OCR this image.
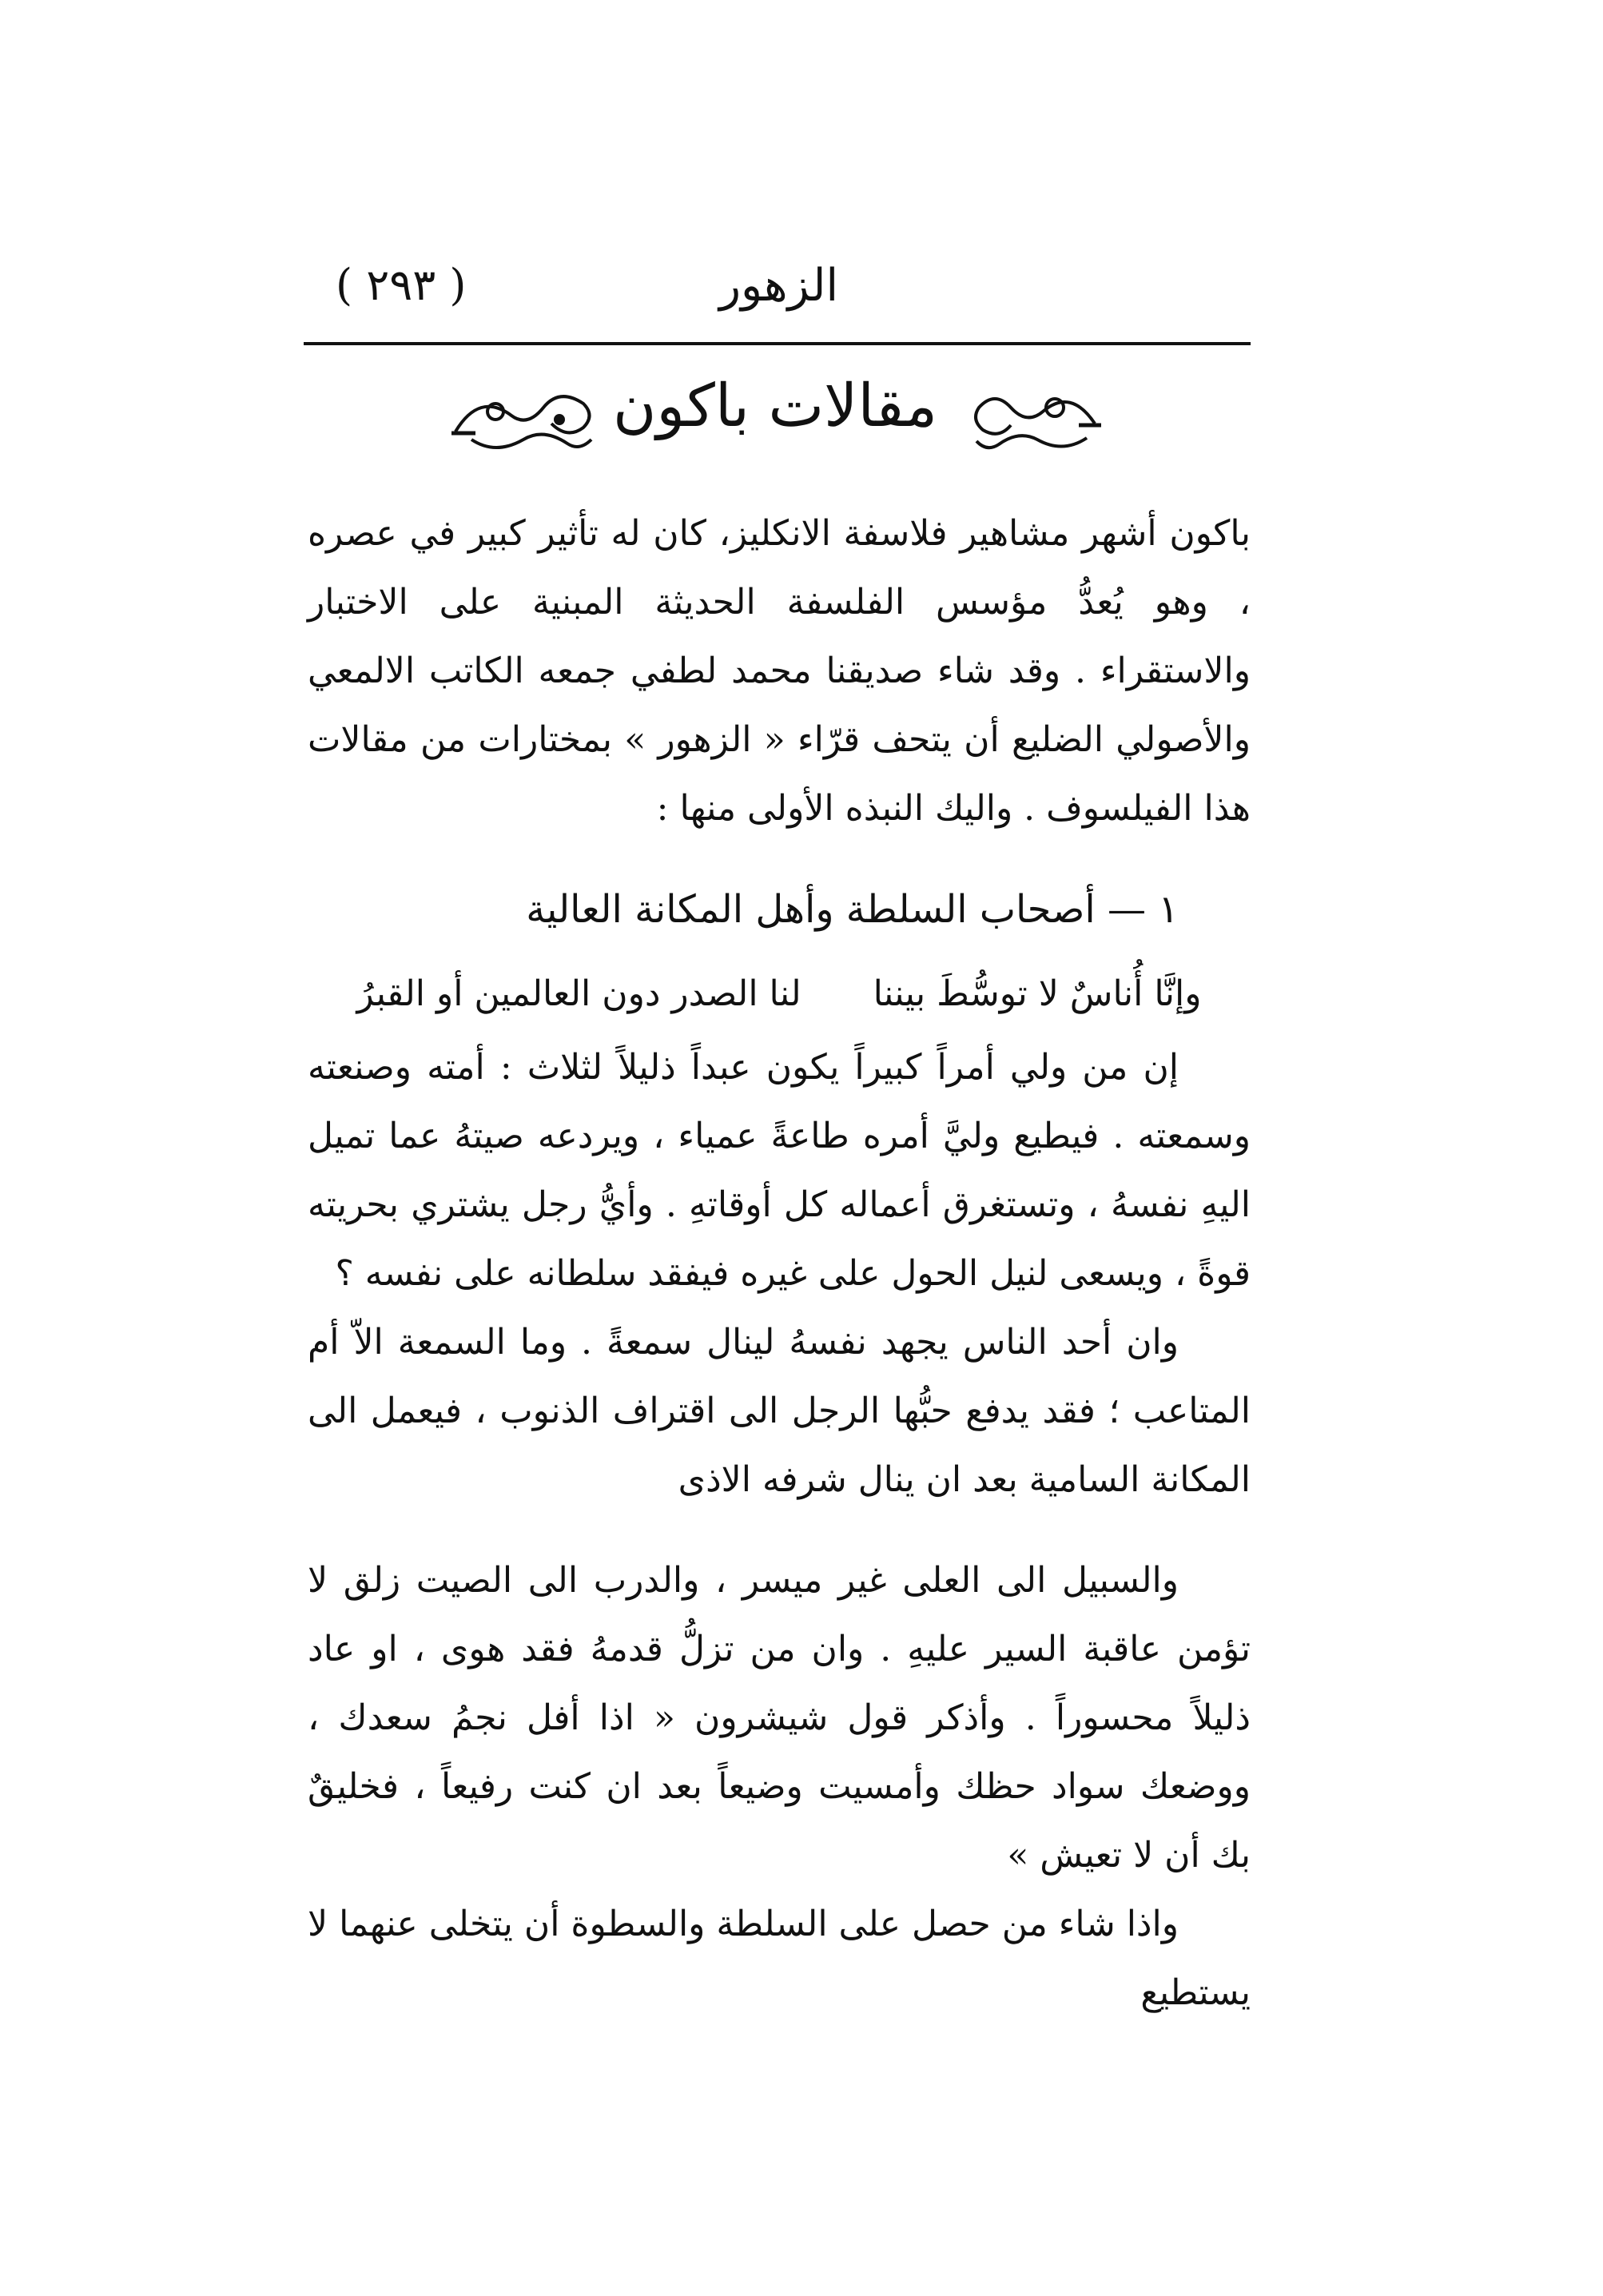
( ٢٩٣ )	الزهور
مقالات باكون

باكون أشهر مشاهير فلاسفة الانكليز، كان له تأثير كبير في عصره ، وهو يُعدُّ مؤسس الفلسفة الحديثة المبنية على الاختبار والاستقراء . وقد شاء صديقنا محمد لطفي جمعه الكاتب الالمعي والأصولي الضليع أن يتحف قرّاء « الزهور » بمختارات من مقالات هذا الفيلسوف . واليك النبذه الأولى منها :

١ — أصحاب السلطة وأهل المكانة العالية
وإنَّا أُناسٌ لا توسُّطَ بيننا
لنا الصدر دون العالمين أو القبرُ

إن من ولي أمراً كبيراً يكون عبداً ذليلاً لثلاث : أمته وصنعته وسمعته . فيطيع وليَّ أمره طاعةً عمياء ، ويردعه صيتهُ عما تميل اليهِ نفسهُ ، وتستغرق أعماله كل أوقاتهِ . وأيُّ رجل يشتري بحريته قوةً ، ويسعى لنيل الحول على غيره فيفقد سلطانه على نفسه ؟

وان أحد الناس يجهد نفسهُ لينال سمعةً . وما السمعة الاّ أم المتاعب ؛ فقد يدفع حبُّها الرجل الى اقتراف الذنوب ، فيعمل الى المكانة السامية بعد ان ينال شرفه الاذى

والسبيل الى العلى غير ميسر ، والدرب الى الصيت زلق لا تؤمن عاقبة السير عليهِ . وان من تزلُّ قدمهُ فقد هوى ، او عاد ذليلاً محسوراً . وأذكر قول شيشرون « اذا أفل نجمُ سعدك ، ووضعك سواد حظك وأمسيت وضيعاً بعد ان كنت رفيعاً ، فخليقٌ بك أن لا تعيش »

واذا شاء من حصل على السلطة والسطوة أن يتخلى عنهما لا يستطيع
